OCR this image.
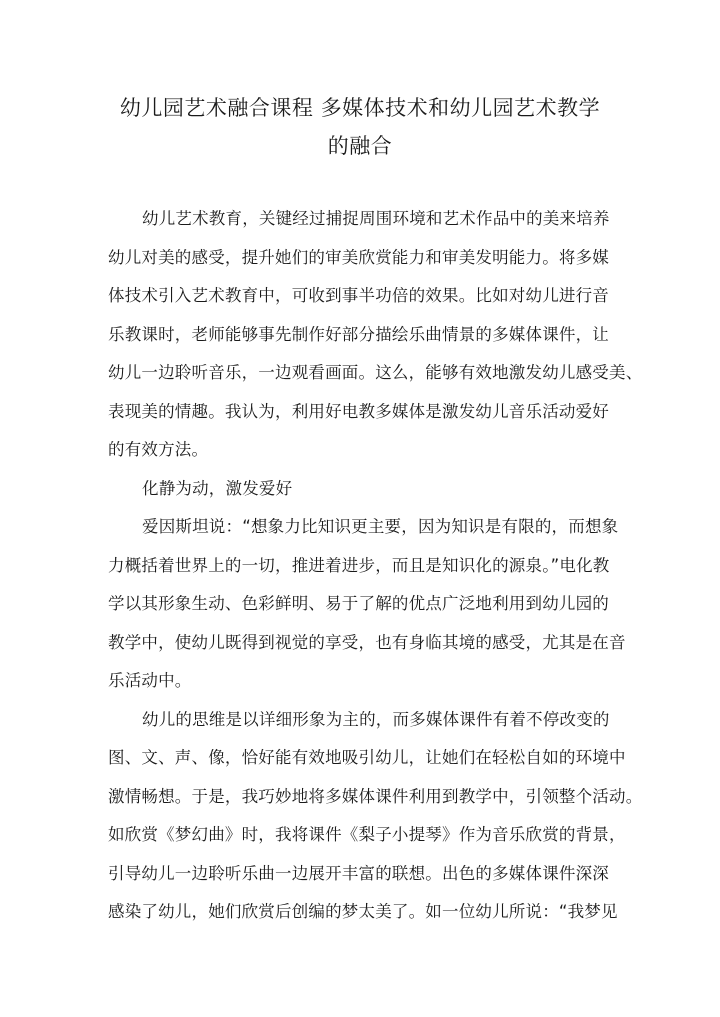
幼儿园艺术融合课程 多媒体技术和幼儿园艺术教学
的融合

幼儿艺术教育，关键经过捕捉周围环境和艺术作品中的美来培养
幼儿对美的感受，提升她们的审美欣赏能力和审美发明能力。将多媒
体技术引入艺术教育中，可收到事半功倍的效果。比如对幼儿进行音
乐教课时，老师能够事先制作好部分描绘乐曲情景的多媒体课件，让
幼儿一边聆听音乐，一边观看画面。这么，能够有效地激发幼儿感受美、
表现美的情趣。我认为，利用好电教多媒体是激发幼儿音乐活动爱好
的有效方法。

化静为动，激发爱好

爱因斯坦说：“想象力比知识更主要，因为知识是有限的，而想象
力概括着世界上的一切，推进着进步，而且是知识化的源泉。”电化教
学以其形象生动、色彩鲜明、易于了解的优点广泛地利用到幼儿园的
教学中，使幼儿既得到视觉的享受，也有身临其境的感受，尤其是在音
乐活动中。

幼儿的思维是以详细形象为主的，而多媒体课件有着不停改变的
图、文、声、像，恰好能有效地吸引幼儿，让她们在轻松自如的环境中
激情畅想。于是，我巧妙地将多媒体课件利用到教学中，引领整个活动。
如欣赏《梦幻曲》时，我将课件《梨子小提琴》作为音乐欣赏的背景，
引导幼儿一边聆听乐曲一边展开丰富的联想。出色的多媒体课件深深
感染了幼儿，她们欣赏后创编的梦太美了。如一位幼儿所说：“我梦见
